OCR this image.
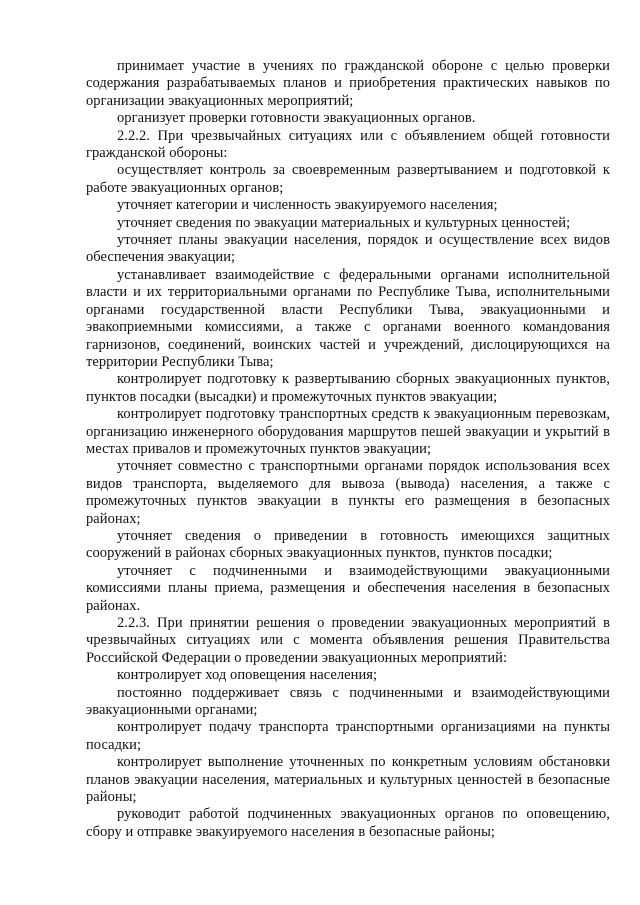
принимает участие в учениях по гражданской обороне с целью проверки содержания разрабатываемых планов и приобретения практических навыков по организации эвакуационных мероприятий;

организует проверки готовности эвакуационных органов.

2.2.2. При чрезвычайных ситуациях или с объявлением общей готовности гражданской обороны:

осуществляет контроль за своевременным развертыванием и подготовкой к работе эвакуационных органов;

уточняет категории и численность эвакуируемого населения;

уточняет сведения по эвакуации материальных и культурных ценностей;

уточняет планы эвакуации населения, порядок и осуществление всех видов обеспечения эвакуации;

устанавливает взаимодействие с федеральными органами исполнительной власти и их территориальными органами по Республике Тыва, исполнительными органами государственной власти Республики Тыва, эвакуационными и эвакоприемными комиссиями, а также с органами военного командования гарнизонов, соединений, воинских частей и учреждений, дислоцирующихся на территории Республики Тыва;

контролирует подготовку к развертыванию сборных эвакуационных пунктов, пунктов посадки (высадки) и промежуточных пунктов эвакуации;

контролирует подготовку транспортных средств к эвакуационным перевозкам, организацию инженерного оборудования маршрутов пешей эвакуации и укрытий в местах привалов и промежуточных пунктов эвакуации;

уточняет совместно с транспортными органами порядок использования всех видов транспорта, выделяемого для вывоза (вывода) населения, а также с промежуточных пунктов эвакуации в пункты его размещения в безопасных районах;

уточняет сведения о приведении в готовность имеющихся защитных сооружений в районах сборных эвакуационных пунктов, пунктов посадки;

уточняет с подчиненными и взаимодействующими эвакуационными комиссиями планы приема, размещения и обеспечения населения в безопасных районах.

2.2.3. При принятии решения о проведении эвакуационных мероприятий в чрезвычайных ситуациях или с момента объявления решения Правительства Российской Федерации о проведении эвакуационных мероприятий:

контролирует ход оповещения населения;

постоянно поддерживает связь с подчиненными и взаимодействующими эвакуационными органами;

контролирует подачу транспорта транспортными организациями на пункты посадки;

контролирует выполнение уточненных по конкретным условиям обстановки планов эвакуации населения, материальных и культурных ценностей в безопасные районы;

руководит работой подчиненных эвакуационных органов по оповещению, сбору и отправке эвакуируемого населения в безопасные районы;
